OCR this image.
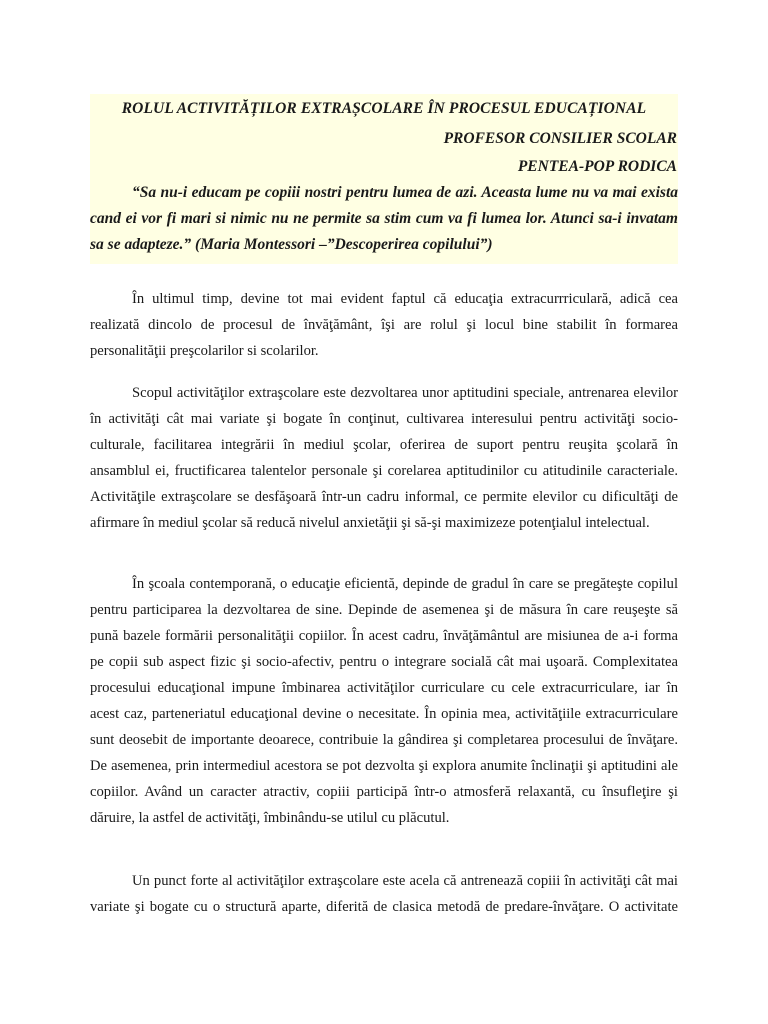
ROLUL ACTIVITĂȚILOR EXTRAȘCOLARE ÎN PROCESUL EDUCAȚIONAL
PROFESOR CONSILIER SCOLAR
PENTEA-POP RODICA
“Sa nu-i educam pe copiii nostri pentru lumea de azi. Aceasta lume nu va mai exista cand ei vor fi mari si nimic nu ne permite sa stim cum va fi lumea lor. Atunci sa-i invatam sa se adapteze.” (Maria Montessori –”Descoperirea copilului”)
În ultimul timp, devine tot mai evident faptul că educaţia extracurrriculară, adică cea realizată dincolo de procesul de învăţământ, îşi are rolul şi locul bine stabilit în formarea personalităţii preşcolarilor si scolarilor.
Scopul activităţilor extraşcolare este dezvoltarea unor aptitudini speciale, antrenarea elevilor în activităţi cât mai variate şi bogate în conţinut, cultivarea interesului pentru activităţi socio-culturale, facilitarea integrării în mediul şcolar, oferirea de suport pentru reuşita şcolară în ansamblul ei, fructificarea talentelor personale şi corelarea aptitudinilor cu atitudinile caracteriale. Activităţile extraşcolare se desfăşoară într-un cadru informal, ce permite elevilor cu dificultăţi de afirmare în mediul şcolar să reducă nivelul anxietăţii şi să-şi maximizeze potenţialul intelectual.
În şcoala contemporană, o educaţie eficientă, depinde de gradul în care se pregăteşte copilul pentru participarea la dezvoltarea de sine. Depinde de asemenea şi de măsura în care reuşeşte să pună bazele formării personalităţii copiilor. În acest cadru, învăţământul are misiunea de a-i forma pe copii sub aspect fizic şi socio-afectiv, pentru o integrare socială cât mai uşoară. Complexitatea procesului educaţional impune îmbinarea activităţilor curriculare cu cele extracurriculare, iar în acest caz, parteneriatul educaţional devine o necesitate. În opinia mea, activităţiile extracurriculare sunt deosebit de importante deoarece, contribuie la gândirea şi completarea procesului de învăţare. De asemenea, prin intermediul acestora se pot dezvolta şi explora anumite înclinaţii şi aptitudini ale copiilor. Având un caracter atractiv, copiii participă într-o atmosferă relaxantă, cu însufleţire şi dăruire, la astfel de activităţi, îmbinându-se utilul cu plăcutul.
Un punct forte al activităţilor extraşcolare este acela că antrenează copiii în activităţi cât mai variate şi bogate cu o structură aparte, diferită de clasica metodă de predare-învăţare. O activitate
